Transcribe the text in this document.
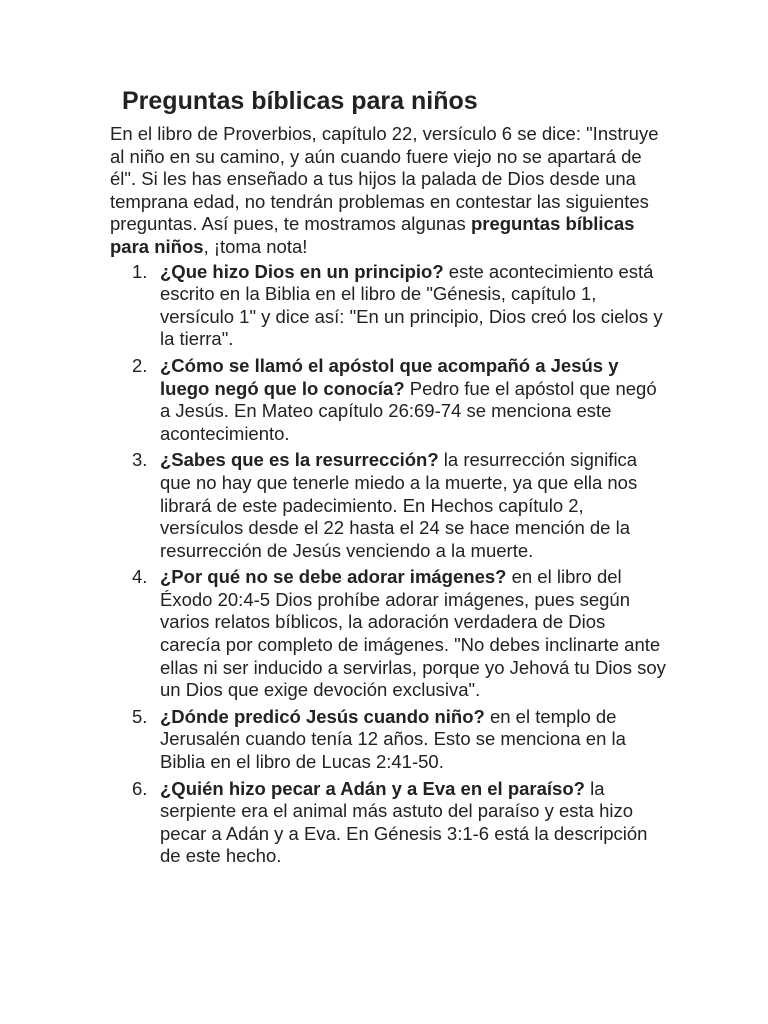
Preguntas bíblicas para niños

En el libro de Proverbios, capítulo 22, versículo 6 se dice: "Instruye al niño en su camino, y aún cuando fuere viejo no se apartará de él". Si les has enseñado a tus hijos la palada de Dios desde una temprana edad, no tendrán problemas en contestar las siguientes preguntas. Así pues, te mostramos algunas preguntas bíblicas para niños, ¡toma nota!

1. ¿Que hizo Dios en un principio? este acontecimiento está escrito en la Biblia en el libro de "Génesis, capítulo 1, versículo 1" y dice así: "En un principio, Dios creó los cielos y la tierra".
2. ¿Cómo se llamó el apóstol que acompañó a Jesús y luego negó que lo conocía? Pedro fue el apóstol que negó a Jesús. En Mateo capítulo 26:69-74 se menciona este acontecimiento.
3. ¿Sabes que es la resurrección? la resurrección significa que no hay que tenerle miedo a la muerte, ya que ella nos librará de este padecimiento. En Hechos capítulo 2, versículos desde el 22 hasta el 24 se hace mención de la resurrección de Jesús venciendo a la muerte.
4. ¿Por qué no se debe adorar imágenes? en el libro del Éxodo 20:4-5 Dios prohíbe adorar imágenes, pues según varios relatos bíblicos, la adoración verdadera de Dios carecía por completo de imágenes. "No debes inclinarte ante ellas ni ser inducido a servirlas, porque yo Jehová tu Dios soy un Dios que exige devoción exclusiva".
5. ¿Dónde predicó Jesús cuando niño? en el templo de Jerusalén cuando tenía 12 años. Esto se menciona en la Biblia en el libro de Lucas 2:41-50.
6. ¿Quién hizo pecar a Adán y a Eva en el paraíso? la serpiente era el animal más astuto del paraíso y esta hizo pecar a Adán y a Eva. En Génesis 3:1-6 está la descripción de este hecho.
